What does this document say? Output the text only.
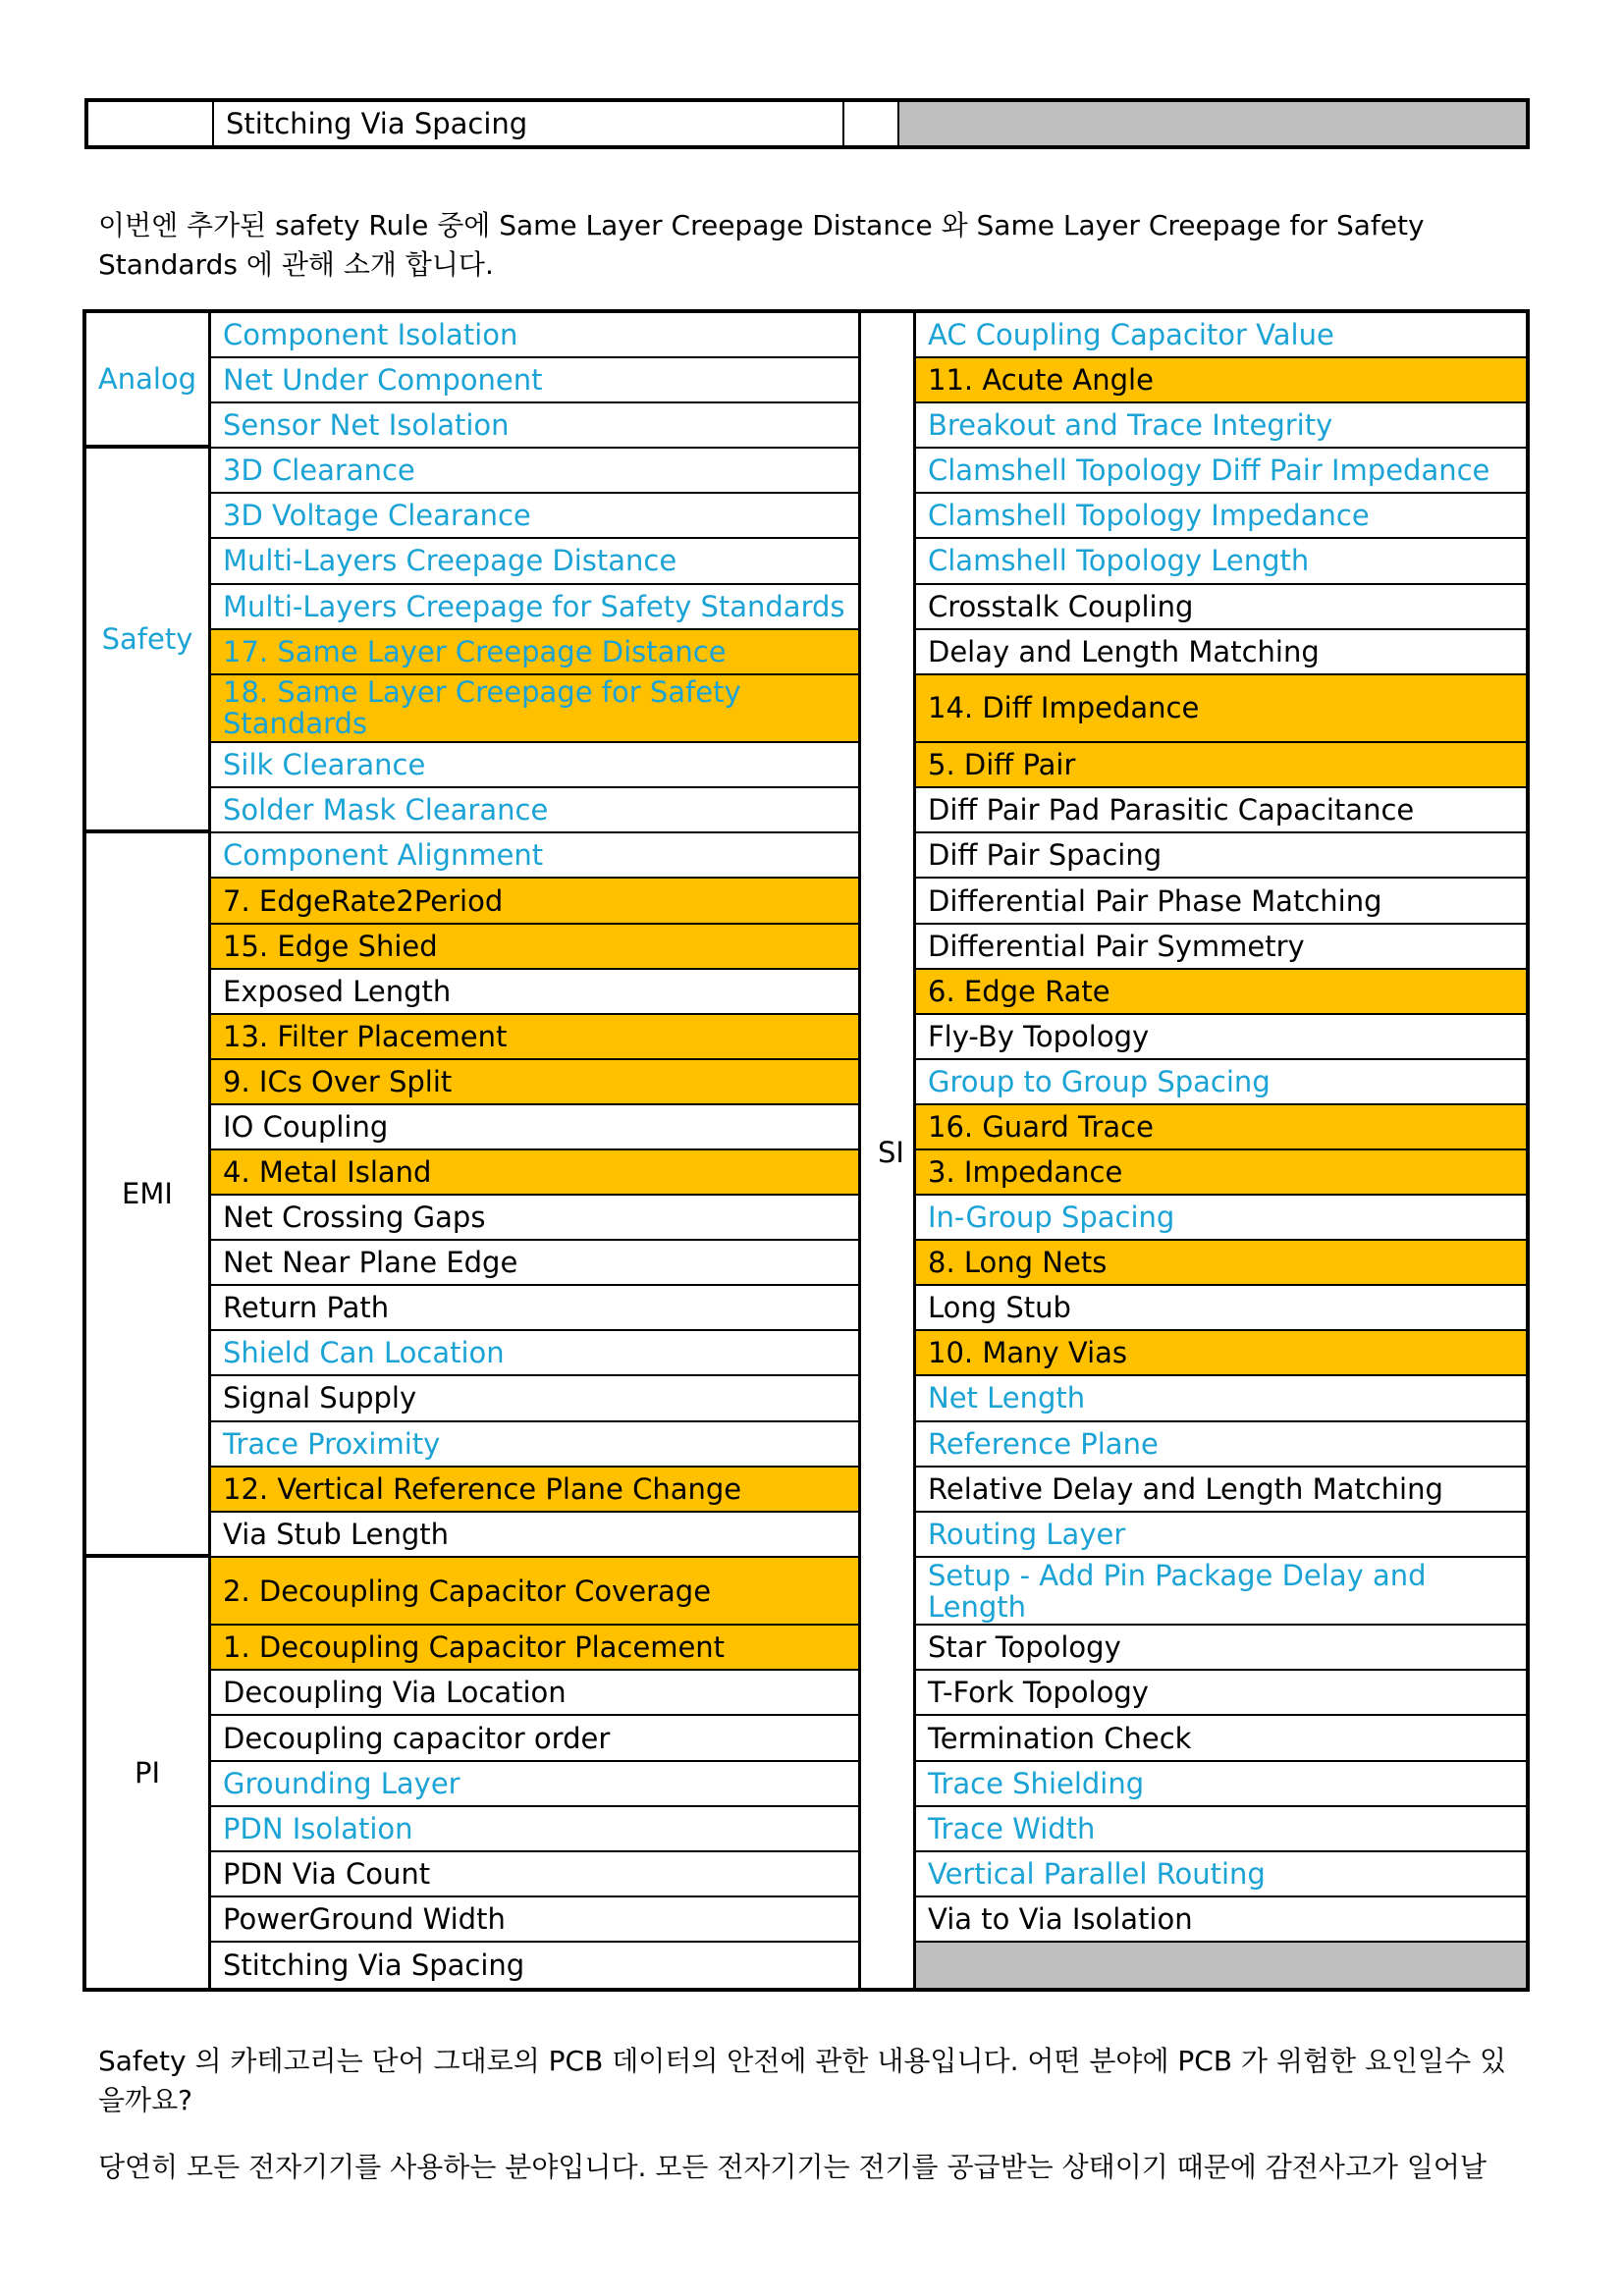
Stitching Via Spacing

이번엔 추가된 safety Rule 중에 Same Layer Creepage Distance 와 Same Layer Creepage for Safety Standards 에 관해 소개 합니다.

Analog
Safety
EMI
PI
Component Isolation
Net Under Component
Sensor Net Isolation
3D Clearance
3D Voltage Clearance
Multi-Layers Creepage Distance
Multi-Layers Creepage for Safety Standards
17. Same Layer Creepage Distance
18. Same Layer Creepage for Safety Standards
Silk Clearance
Solder Mask Clearance
Component Alignment
7. EdgeRate2Period
15. Edge Shied
Exposed Length
13. Filter Placement
9. ICs Over Split
IO Coupling
4. Metal Island
Net Crossing Gaps
Net Near Plane Edge
Return Path
Shield Can Location
Signal Supply
Trace Proximity
12. Vertical Reference Plane Change
Via Stub Length
2. Decoupling Capacitor Coverage
1. Decoupling Capacitor Placement
Decoupling Via Location
Decoupling capacitor order
Grounding Layer
PDN Isolation
PDN Via Count
PowerGround Width
Stitching Via Spacing
SI
AC Coupling Capacitor Value
11. Acute Angle
Breakout and Trace Integrity
Clamshell Topology Diff Pair Impedance
Clamshell Topology Impedance
Clamshell Topology Length
Crosstalk Coupling
Delay and Length Matching
14. Diff Impedance
5. Diff Pair
Diff Pair Pad Parasitic Capacitance
Diff Pair Spacing
Differential Pair Phase Matching
Differential Pair Symmetry
6. Edge Rate
Fly-By Topology
Group to Group Spacing
16. Guard Trace
3. Impedance
In-Group Spacing
8. Long Nets
Long Stub
10. Many Vias
Net Length
Reference Plane
Relative Delay and Length Matching
Routing Layer
Setup - Add Pin Package Delay and Length
Star Topology
T-Fork Topology
Termination Check
Trace Shielding
Trace Width
Vertical Parallel Routing
Via to Via Isolation

Safety 의 카테고리는 단어 그대로의 PCB 데이터의 안전에 관한 내용입니다. 어떤 분야에 PCB 가 위험한 요인일수 있을까요?

당연히 모든 전자기기를 사용하는 분야입니다. 모든 전자기기는 전기를 공급받는 상태이기 때문에 감전사고가 일어날
